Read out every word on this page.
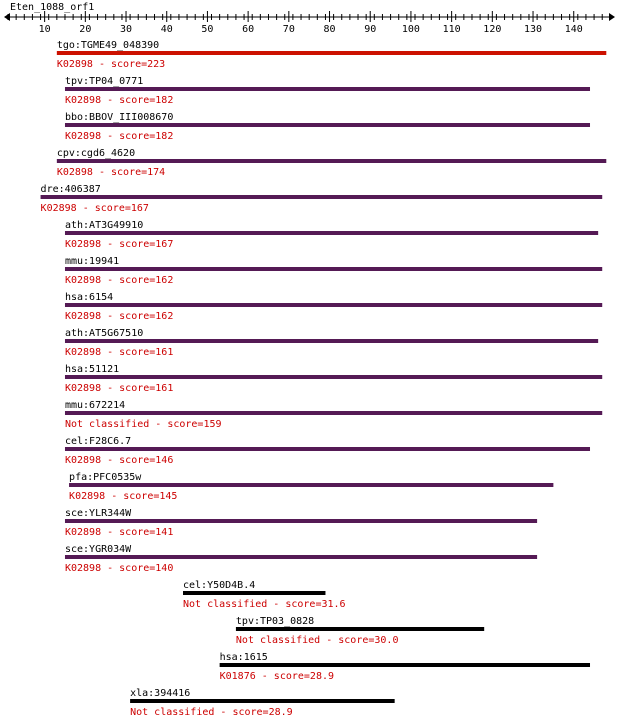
Eten_1088_orf1
10	20	30	40	50	60	70	80	90	100 110 120 130 140
tgo:TGME49_048390
K02898 - score=223
tpv:TP04_0771
K02898 - score=182
bbo:BBOV_III008670
K02898 - score=182
cpv:cgd6_4620
K02898 - score=174
dre:406387
K02898 - score=167
ath:AT3G49910
K02898 - score=167
mmu:19941
K02898 - score=162
hsa:6154
K02898 - score=162
ath:AT5G67510
K02898 - score=161
hsa:51121
K02898 - score=161
mmu:672214
Not classified - score=159
cel:F28C6.7
K02898 - score=146
pfa:PFC0535w
K02898 - score=145
sce:YLR344W
K02898 - score=141
sce:YGR034W
K02898 - score=140
cel:Y50D4B.4
Not classified - score=31.6
tpv:TP03_0828
Not classified - score=30.0
hsa:1615
K01876 - score=28.9
xla:394416
Not classified - score=28.9
